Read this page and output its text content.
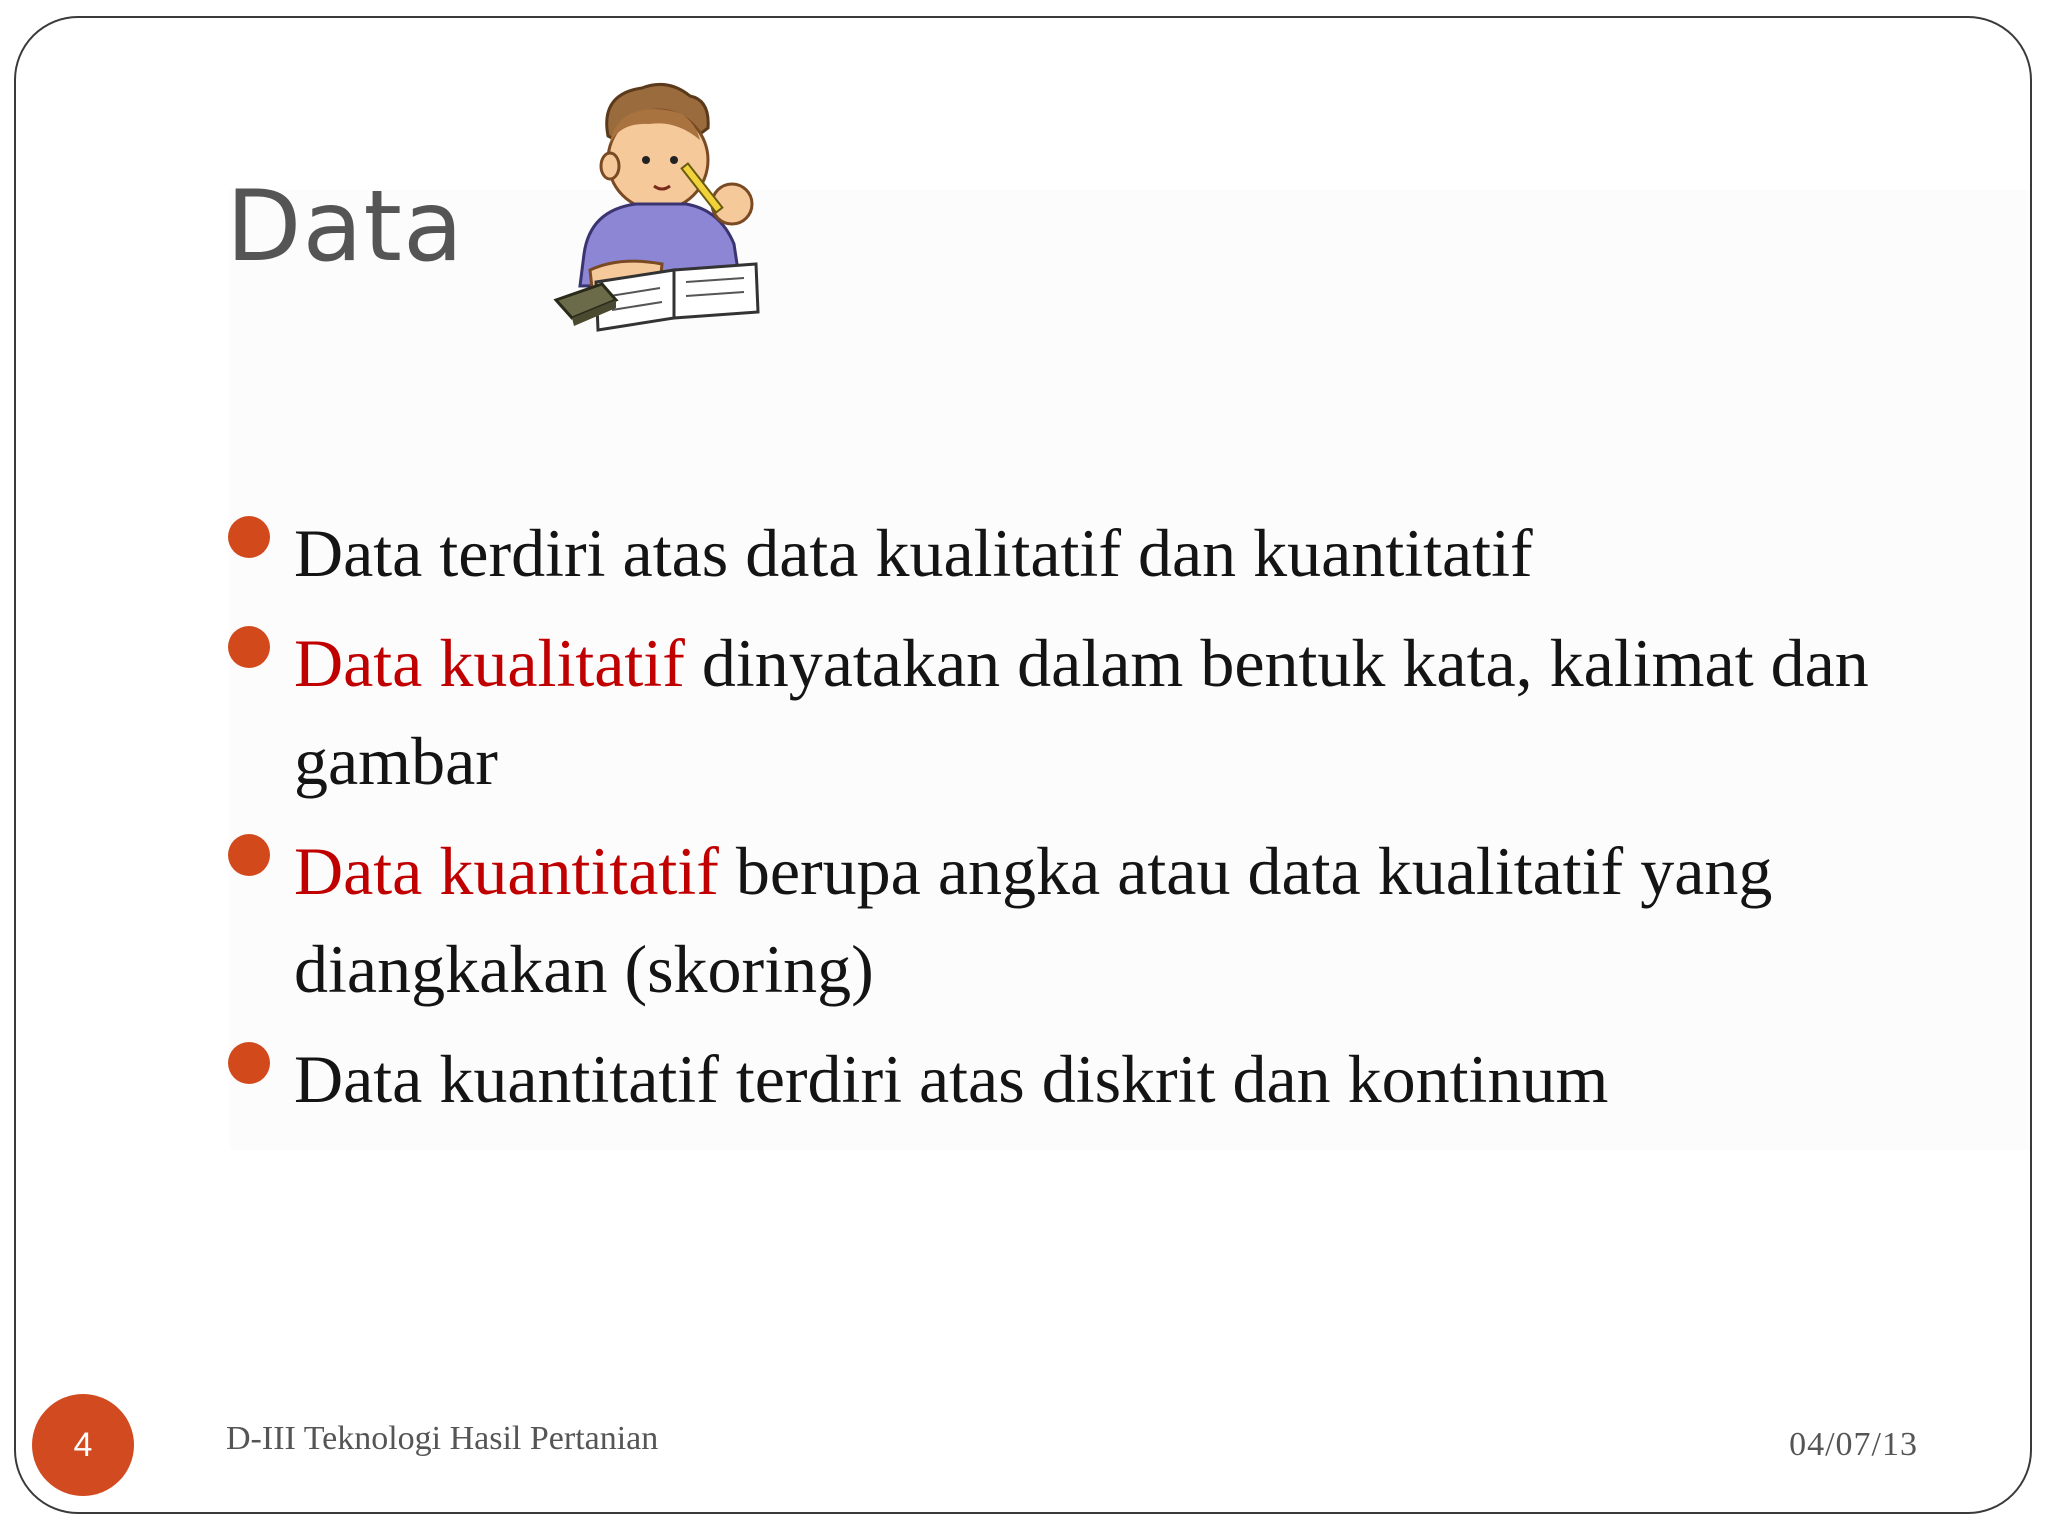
Data
Data terdiri atas data kualitatif dan kuantitatif
Data kualitatif dinyatakan dalam bentuk kata, kalimat dan gambar
Data kuantitatif berupa angka atau data kualitatif yang diangkakan (skoring)
Data kuantitatif terdiri atas diskrit dan kontinum
4	D-III Teknologi Hasil Pertanian	04/07/13
